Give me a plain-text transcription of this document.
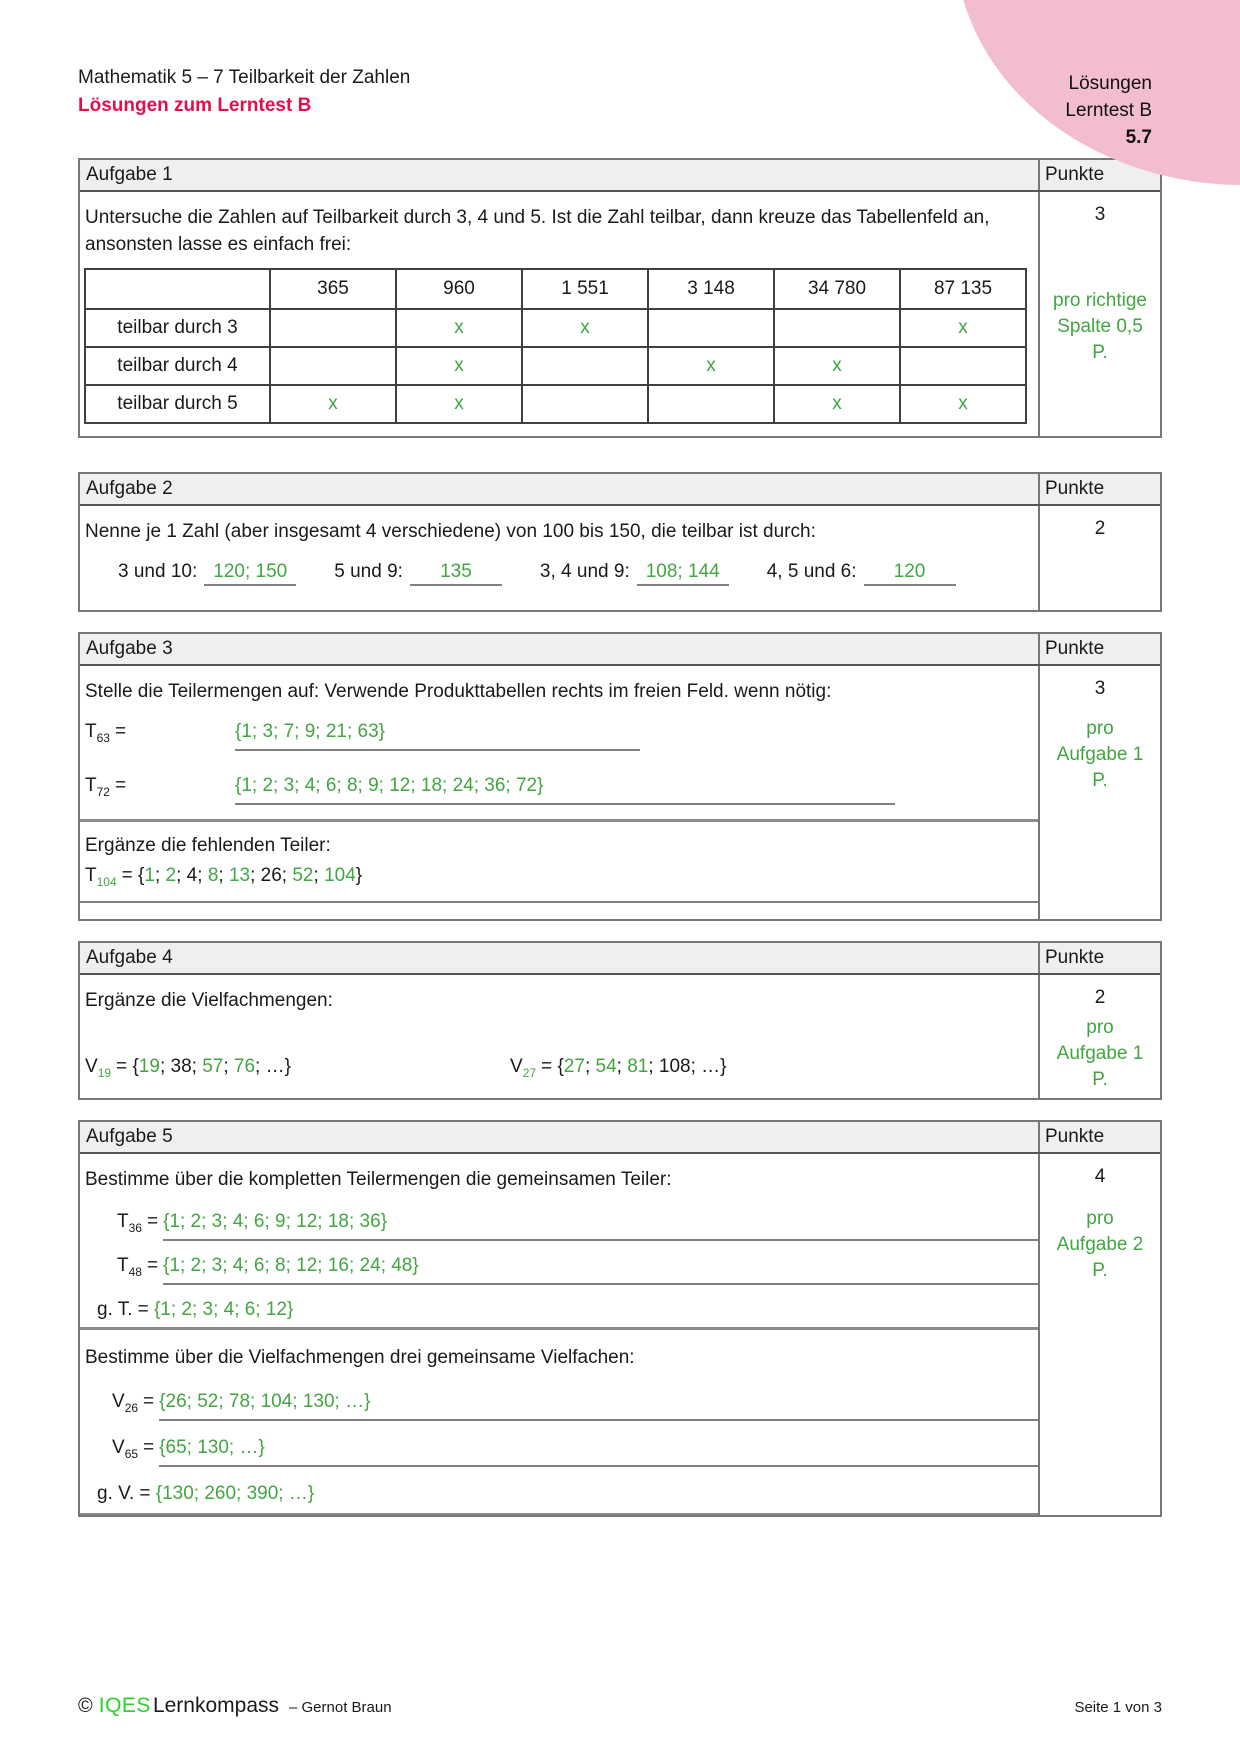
Lösungen
Lerntest B
5.7
Mathematik 5 – 7 Teilbarkeit der Zahlen
Lösungen zum Lerntest B
Aufgabe 1	Punkte

Untersuche die Zahlen auf Teilbarkeit durch 3, 4 und 5. Ist die Zahl teilbar, dann kreuze das Tabellenfeld an, ansonsten lasse es einfach frei:

	365	960	1 551	3 148	34 780	87 135
teilbar durch 3		x	x			x
teilbar durch 4		x		x	x	
teilbar durch 5	x	x			x	x
3
pro richtige Spalte 0,5 P.
Aufgabe 2	Punkte

Nenne je 1 Zahl (aber insgesamt 4 verschiedene) von 100 bis 150, die teilbar ist durch:

3 und 10: 120; 150	5 und 9: 135	3, 4 und 9: 108; 144	4, 5 und 6: 120
2
Aufgabe 3	Punkte

Stelle die Teilermengen auf: Verwende Produkttabellen rechts im freien Feld. wenn nötig:

$T_{63}$ =	{1; 3; 7; 9; 21; 63}
$T_{72}$ =	{1; 2; 3; 4; 6; 8; 9; 12; 18; 24; 36; 72}

Ergänze die fehlenden Teiler:

$T_{104} = \{1$; 2; 4; 8; 13; 26; 52; 104}
3
pro Aufgabe 1 P.
Aufgabe 4	Punkte

Ergänze die Vielfachmengen:

$V_{19} = \{19$; 38; 57; 76; …}	$V_{27} = \{27$; 54; 81; 108; …}
2
pro Aufgabe 1 P.
Aufgabe 5	Punkte

Bestimme über die kompletten Teilermengen die gemeinsamen Teiler:

$T_{36} = \{1$; 2; 3; 4; 6; 9; 12; 18; 36}
$T_{48} = \{1$; 2; 3; 4; 6; 8; 12; 16; 24; 48}
g. T. = {1; 2; 3; 4; 6; 12}

Bestimme über die Vielfachmengen drei gemeinsame Vielfachen:

$V_{26} = \{26$; 52; 78; 104; 130; …}
$V_{65} = \{65$; 130; …}
g. V. = {130; 260; 390; …}
4
pro Aufgabe 2 P.
© IQES Lernkompass – Gernot Braun	Seite 1 von 3
